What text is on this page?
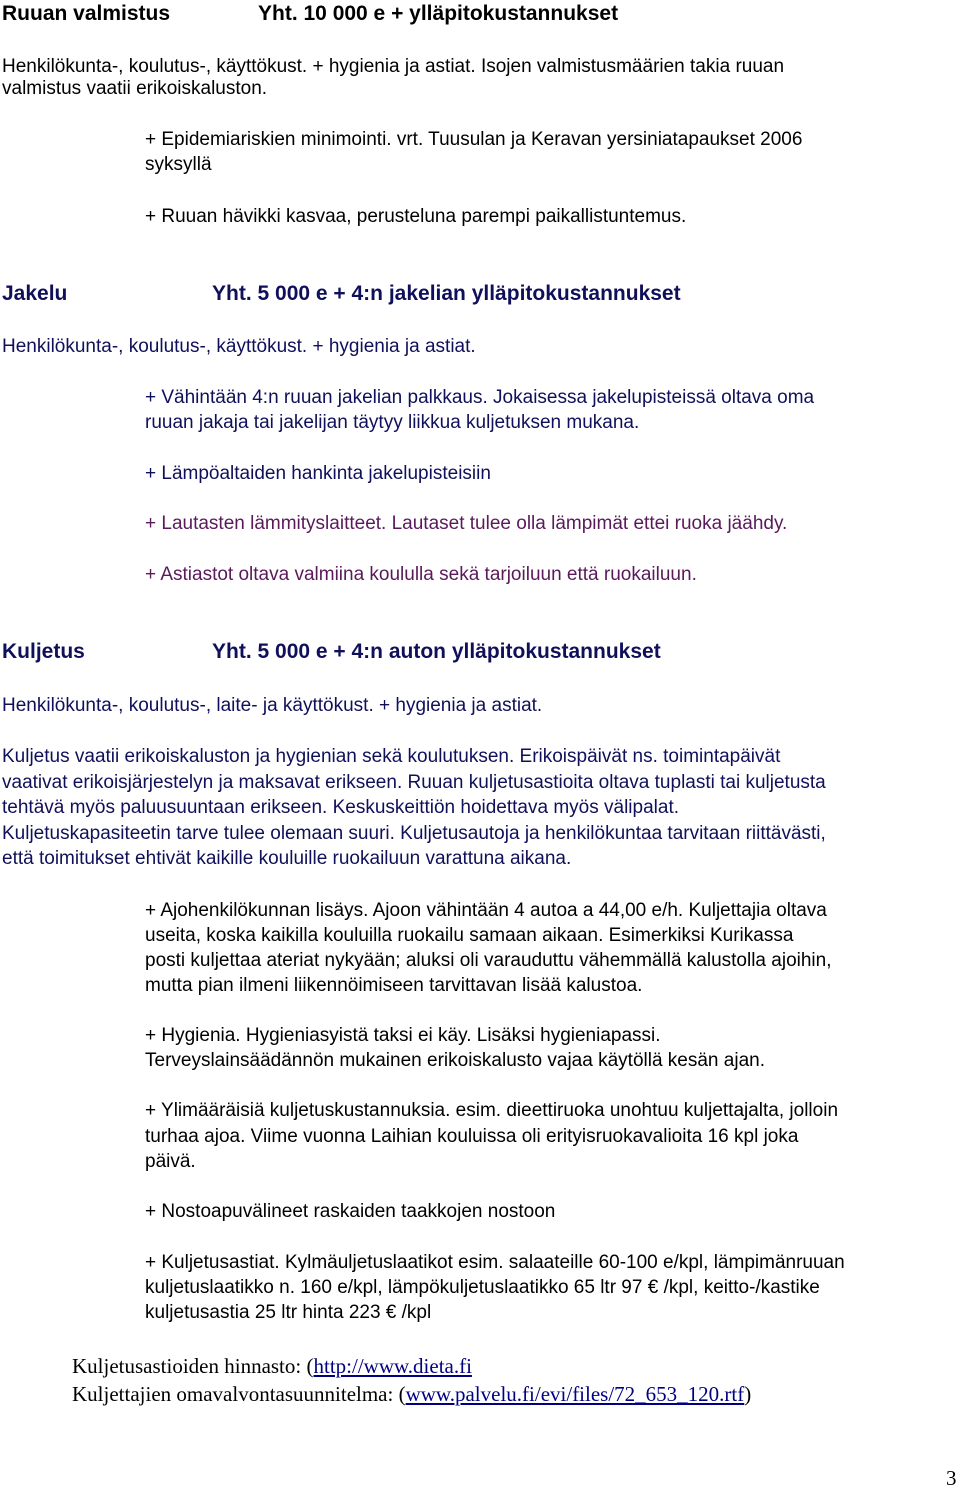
Ruuan valmistus	Yht. 10 000 e + ylläpitokustannukset
Henkilökunta-, koulutus-, käyttökust. + hygienia ja astiat. Isojen valmistusmäärien takia ruuan
valmistus vaatii erikoiskaluston.
+ Epidemiariskien minimointi. vrt. Tuusulan ja Keravan yersiniatapaukset 2006
syksyllä
+ Ruuan hävikki kasvaa, perusteluna parempi paikallistuntemus.
Jakelu	Yht. 5 000 e + 4:n jakelian ylläpitokustannukset
Henkilökunta-, koulutus-, käyttökust. + hygienia ja astiat.
+ Vähintään 4:n ruuan jakelian palkkaus. Jokaisessa jakelupisteissä oltava oma
ruuan jakaja tai jakelijan täytyy liikkua kuljetuksen mukana.
+ Lämpöaltaiden hankinta jakelupisteisiin
+ Lautasten lämmityslaitteet. Lautaset tulee olla lämpimät ettei ruoka jäähdy.
+ Astiastot oltava valmiina koululla sekä tarjoiluun että ruokailuun.
Kuljetus	Yht. 5 000 e + 4:n auton ylläpitokustannukset
Henkilökunta-, koulutus-, laite- ja käyttökust. + hygienia ja astiat.
Kuljetus vaatii erikoiskaluston ja hygienian sekä koulutuksen. Erikoispäivät ns. toimintapäivät
vaativat erikoisjärjestelyn ja maksavat erikseen. Ruuan kuljetusastioita oltava tuplasti tai kuljetusta
tehtävä myös paluusuuntaan erikseen. Keskuskeittiön hoidettava myös välipalat.
Kuljetuskapasiteetin tarve tulee olemaan suuri. Kuljetusautoja ja henkilökuntaa tarvitaan riittävästi,
että toimitukset ehtivät kaikille kouluille ruokailuun varattuna aikana.
+ Ajohenkilökunnan lisäys. Ajoon vähintään 4 autoa a 44,00 e/h. Kuljettajia oltava
useita, koska kaikilla kouluilla ruokailu samaan aikaan. Esimerkiksi Kurikassa
posti kuljettaa ateriat nykyään; aluksi oli varauduttu vähemmällä kalustolla ajoihin,
mutta pian ilmeni liikennöimiseen tarvittavan lisää kalustoa.
+ Hygienia. Hygieniasyistä taksi ei käy. Lisäksi hygieniapassi.
Terveyslainsäädännön mukainen erikoiskalusto vajaa käytöllä kesän ajan.
+ Ylimääräisiä kuljetuskustannuksia. esim. dieettiruoka unohtuu kuljettajalta, jolloin
turhaa ajoa. Viime vuonna Laihian kouluissa oli erityisruokavalioita 16 kpl joka
päivä.
+ Nostoapuvälineet raskaiden taakkojen nostoon
+ Kuljetusastiat. Kylmäuljetuslaatikot esim. salaateille 60-100 e/kpl, lämpimänruuan
kuljetuslaatikko n. 160 e/kpl, lämpökuljetuslaatikko 65 ltr 97 € /kpl, keitto-/kastike
kuljetusastia 25 ltr hinta 223 € /kpl
Kuljetusastioiden hinnasto: (http://www.dieta.fi
Kuljettajien omavalvontasuunnitelma: (www.palvelu.fi/evi/files/72_653_120.rtf)
3
